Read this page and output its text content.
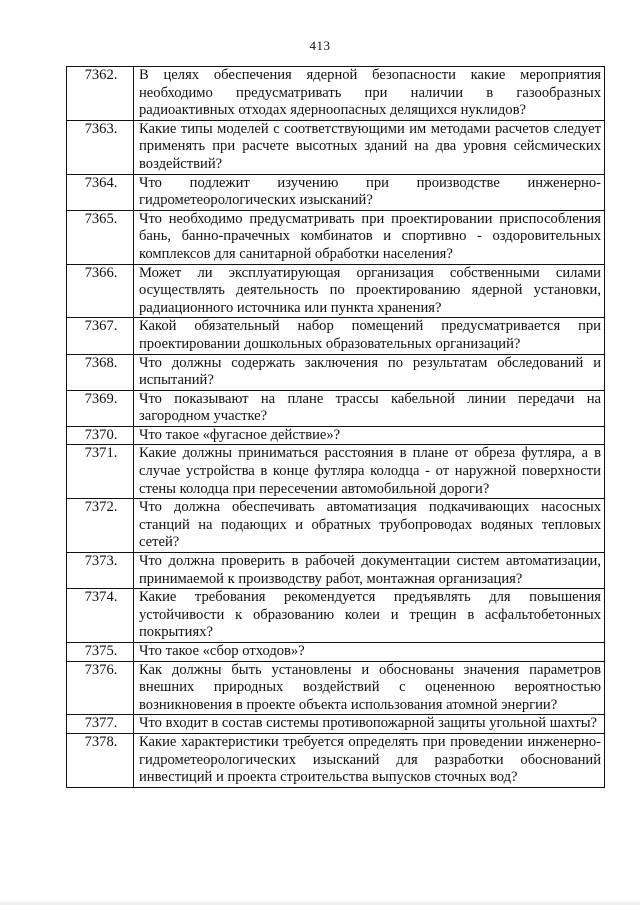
413
7362.	В целях обеспечения ядерной безопасности какие мероприятия необходимо предусматривать при наличии в газообразных радиоактивных отходах ядерноопасных делящихся нуклидов?
7363.	Какие типы моделей с соответствующими им методами расчетов следует применять при расчете высотных зданий на два уровня сейсмических воздействий?
7364.	Что подлежит изучению при производстве инженерно-гидрометеорологических изысканий?
7365.	Что необходимо предусматривать при проектировании приспособления бань, банно-прачечных комбинатов и спортивно - оздоровительных комплексов для санитарной обработки населения?
7366.	Может ли эксплуатирующая организация собственными силами осуществлять деятельность по проектированию ядерной установки, радиационного источника или пункта хранения?
7367.	Какой обязательный набор помещений предусматривается при проектировании дошкольных образовательных организаций?
7368.	Что должны содержать заключения по результатам обследований и испытаний?
7369.	Что показывают на плане трассы кабельной линии передачи на загородном участке?
7370.	Что такое «фугасное действие»?
7371.	Какие должны приниматься расстояния в плане от обреза футляра, а в случае устройства в конце футляра колодца - от наружной поверхности стены колодца при пересечении автомобильной дороги?
7372.	Что должна обеспечивать автоматизация подкачивающих насосных станций на подающих и обратных трубопроводах водяных тепловых сетей?
7373.	Что должна проверить в рабочей документации систем автоматизации, принимаемой к производству работ, монтажная организация?
7374.	Какие требования рекомендуется предъявлять для повышения устойчивости к образованию колеи и трещин в асфальтобетонных покрытиях?
7375.	Что такое «сбор отходов»?
7376.	Как должны быть установлены и обоснованы значения параметров внешних природных воздействий с оцененною вероятностью возникновения в проекте объекта использования атомной энергии?
7377.	Что входит в состав системы противопожарной защиты угольной шахты?
7378.	Какие характеристики требуется определять при проведении инженерно-гидрометеорологических изысканий для разработки обоснований инвестиций и проекта строительства выпусков сточных вод?
